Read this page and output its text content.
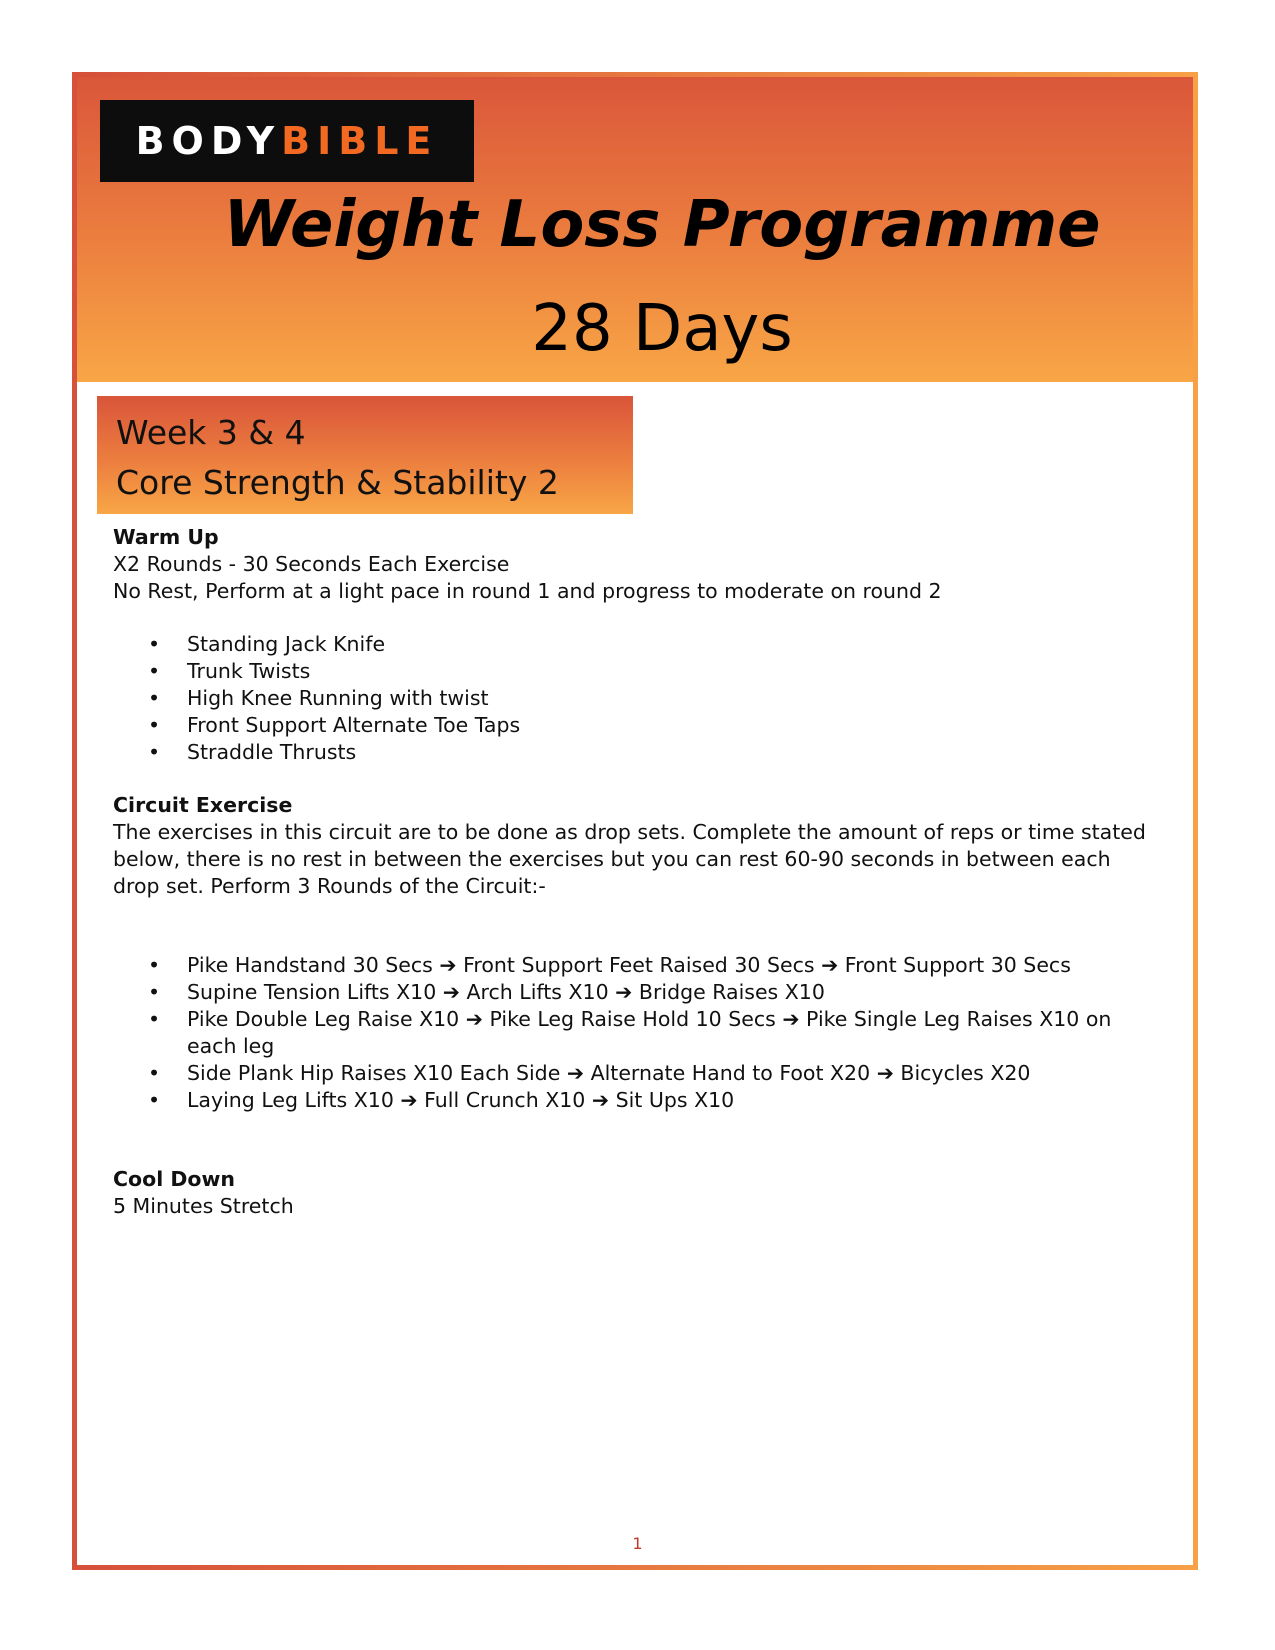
BODY BIBLE
Weight Loss Programme
28 Days
Week 3 & 4
Core Strength & Stability 2
Warm Up
X2 Rounds - 30 Seconds Each Exercise
No Rest, Perform at a light pace in round 1 and progress to moderate on round 2
• Standing Jack Knife
• Trunk Twists
• High Knee Running with twist
• Front Support Alternate Toe Taps
• Straddle Thrusts
Circuit Exercise
The exercises in this circuit are to be done as drop sets. Complete the amount of reps or time stated below, there is no rest in between the exercises but you can rest 60-90 seconds in between each drop set. Perform 3 Rounds of the Circuit:-
• Pike Handstand 30 Secs ➔ Front Support Feet Raised 30 Secs ➔ Front Support 30 Secs
• Supine Tension Lifts X10 ➔ Arch Lifts X10 ➔ Bridge Raises X10
• Pike Double Leg Raise X10 ➔ Pike Leg Raise Hold 10 Secs ➔ Pike Single Leg Raises X10 on each leg
• Side Plank Hip Raises X10 Each Side ➔ Alternate Hand to Foot X20 ➔ Bicycles X20
• Laying Leg Lifts X10 ➔ Full Crunch X10 ➔ Sit Ups X10
Cool Down
5 Minutes Stretch
1
